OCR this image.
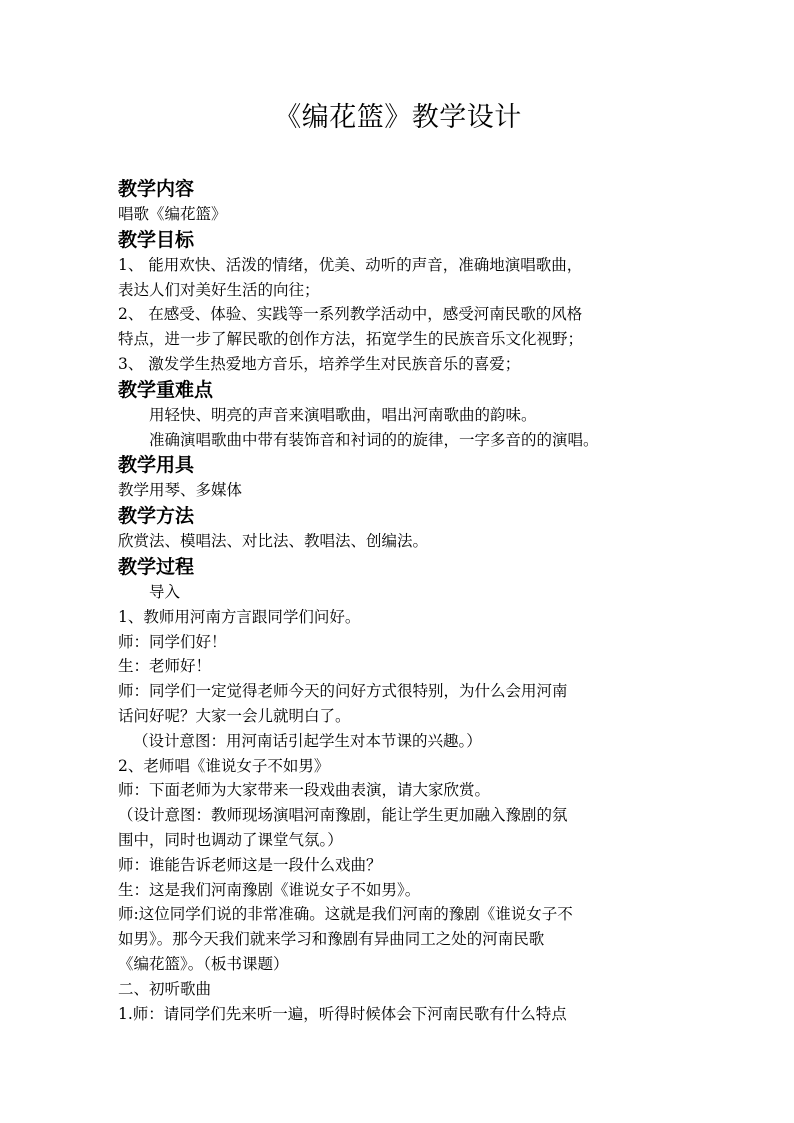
《编花篮》教学设计
教学内容

唱歌《编花篮》

教学目标

1、 能用欢快、活泼的情绪，优美、动听的声音，准确地演唱歌曲，

表达人们对美好生活的向往；

2、 在感受、体验、实践等一系列教学活动中，感受河南民歌的风格

特点，进一步了解民歌的创作方法，拓宽学生的民族音乐文化视野；

3、 激发学生热爱地方音乐，培养学生对民族音乐的喜爱；

教学重难点

用轻快、明亮的声音来演唱歌曲，唱出河南歌曲的韵味。

准确演唱歌曲中带有装饰音和衬词的的旋律，一字多音的的演唱。

教学用具

教学用琴、多媒体

教学方法

欣赏法、模唱法、对比法、教唱法、创编法。

教学过程

导入

1、教师用河南方言跟同学们问好。

师：同学们好！

生：老师好！

师：同学们一定觉得老师今天的问好方式很特别，为什么会用河南

话问好呢？大家一会儿就明白了。

（设计意图：用河南话引起学生对本节课的兴趣。）

2、老师唱《谁说女子不如男》

师：下面老师为大家带来一段戏曲表演，请大家欣赏。

（设计意图：教师现场演唱河南豫剧，能让学生更加融入豫剧的氛

围中，同时也调动了课堂气氛。）

师：谁能告诉老师这是一段什么戏曲？

生：这是我们河南豫剧《谁说女子不如男》。

师:这位同学们说的非常准确。这就是我们河南的豫剧《谁说女子不

如男》。那今天我们就来学习和豫剧有异曲同工之处的河南民歌

《编花篮》。（板书课题）

二、初听歌曲

1.师：请同学们先来听一遍，听得时候体会下河南民歌有什么特点
